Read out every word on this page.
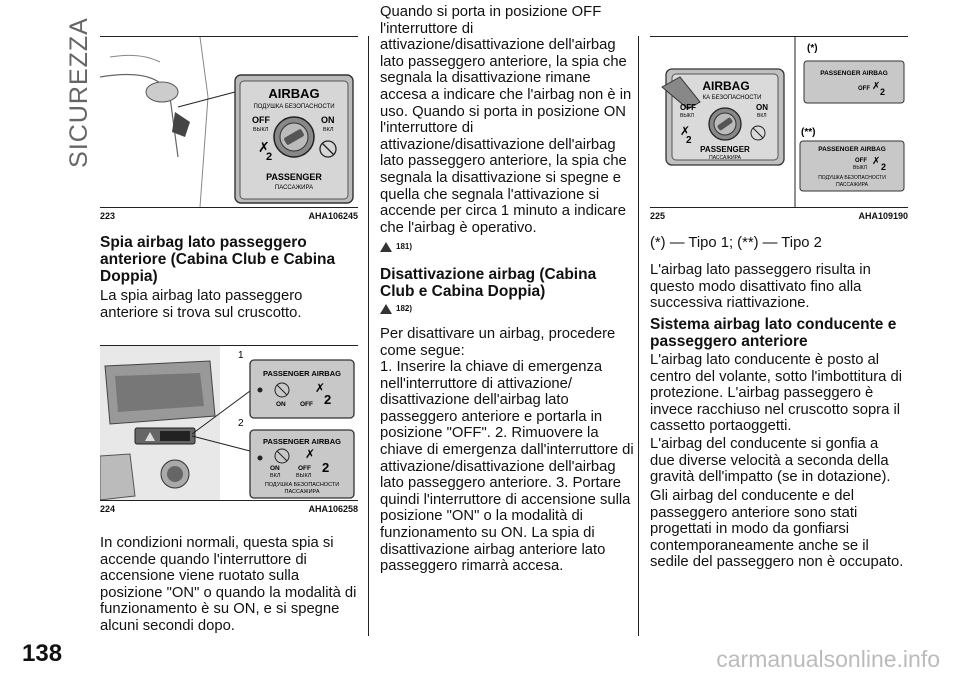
SICUREZZA
138
AIRBAG
ПОДУШКА БЕЗОПАСНОСТИ
OFF
ВЫКЛ
ON
ВКЛ
✗
2
PASSENGER
ПАССАЖИРА
223	AHA106245
Spia airbag lato passeggero anteriore (Cabina Club e Cabina Doppia)
La spia airbag lato passeggero anteriore si trova sul cruscotto.
1
2
PASSENGER AIRBAG
ON
✗
2
OFF
PASSENGER AIRBAG
ON
ВКЛ
✗
2
OFF
ВЫКЛ
ПОДУШКА БЕЗОПАСНОСТИ
ПАССАЖИРА
224	AHA106258
In condizioni normali, questa spia si accende quando l'interruttore di accensione viene ruotato sulla posizione "ON" o quando la modalità di funzionamento è su ON, e si spegne alcuni secondi dopo.
Quando si porta in posizione OFF l'interruttore di attivazione/disattivazione dell'airbag lato passeggero anteriore, la spia che segnala la disattivazione rimane accesa a indicare che l'airbag non è in uso. Quando si porta in posizione ON l'interruttore di attivazione/disattivazione dell'airbag lato passeggero anteriore, la spia che segnala la disattivazione si spegne e quella che segnala l'attivazione si accende per circa 1 minuto a indicare che l'airbag è operativo.
181)
Disattivazione airbag (Cabina Club e Cabina Doppia)
182)
Per disattivare un airbag, procedere come segue:
1. Inserire la chiave di emergenza nell'interruttore di attivazione/ disattivazione dell'airbag lato passeggero anteriore e portarla in posizione "OFF". 2. Rimuovere la chiave di emergenza dall'interruttore di attivazione/disattivazione dell'airbag lato passeggero anteriore. 3. Portare quindi l'interruttore di accensione sulla posizione "ON" o la modalità di funzionamento su ON. La spia di disattivazione airbag anteriore lato passeggero rimarrà accesa.
AIRBAG
КА БЕЗОПАСНОСТИ
OFF
ВЫКЛ
ON
ВКЛ
✗
2
PASSENGER
ПАССАЖИРА
(*)
PASSENGER AIRBAG
OFF ✗ 2
(**)
PASSENGER AIRBAG
OFF
ВЫКЛ
✗ 2
ПОДУШКА БЕЗОПАСНОСТИ
ПАССАЖИРА
225	AHA109190
(*) — Tipo 1; (**) — Tipo 2
L'airbag lato passeggero risulta in questo modo disattivato fino alla successiva riattivazione.
Sistema airbag lato conducente e passeggero anteriore
L'airbag lato conducente è posto al centro del volante, sotto l'imbottitura di protezione. L'airbag passeggero è invece racchiuso nel cruscotto sopra il cassetto portaoggetti.
L'airbag del conducente si gonfia a due diverse velocità a seconda della gravità dell'impatto (se in dotazione).
Gli airbag del conducente e del passeggero anteriore sono stati progettati in modo da gonfiarsi contemporaneamente anche se il sedile del passeggero non è occupato.
carmanualsonline.info
